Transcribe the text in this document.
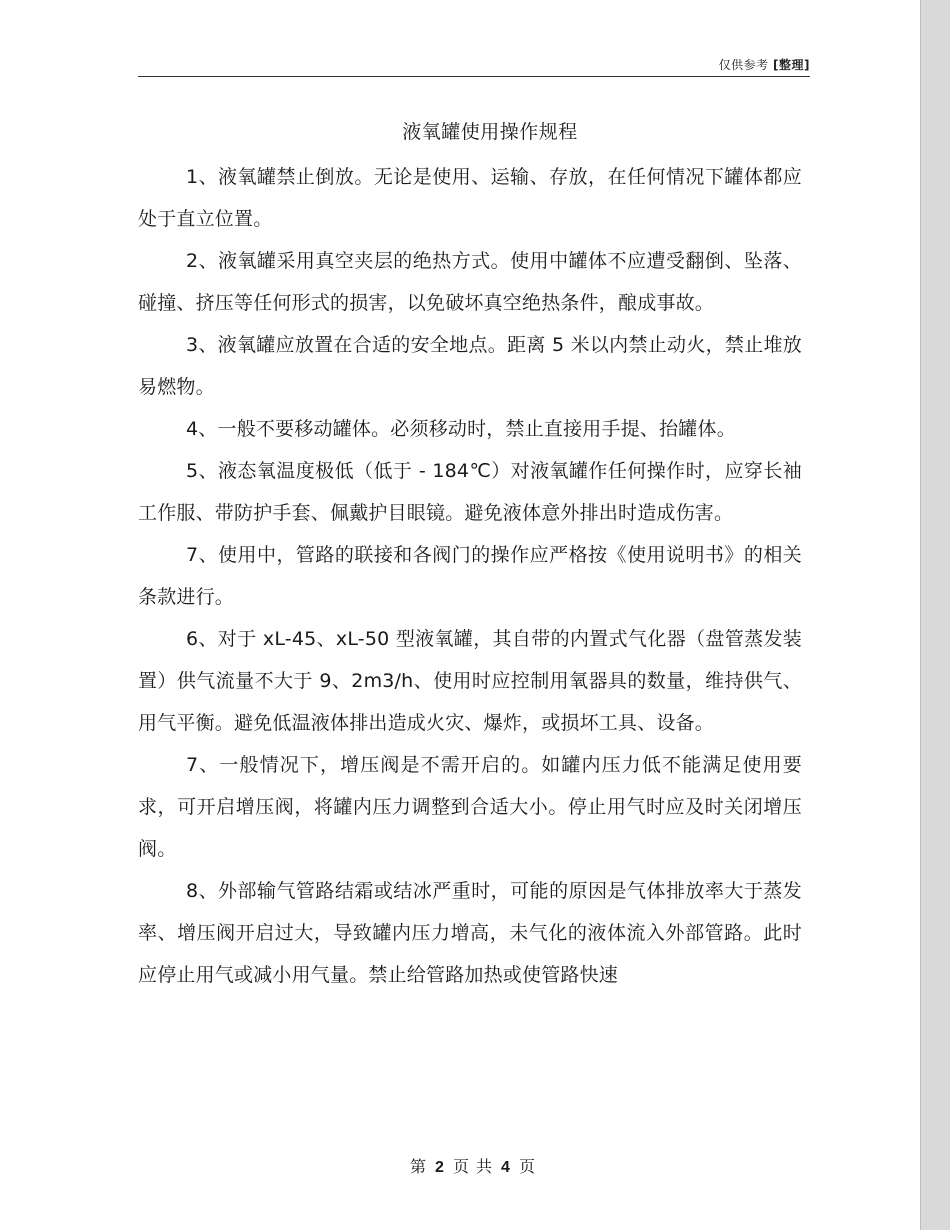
仅供参考 [整理]
液氧罐使用操作规程

1、液氧罐禁止倒放。无论是使用、运输、存放，在任何情况下罐体都应处于直立位置。

2、液氧罐采用真空夹层的绝热方式。使用中罐体不应遭受翻倒、坠落、碰撞、挤压等任何形式的损害，以免破坏真空绝热条件，酿成事故。

3、液氧罐应放置在合适的安全地点。距离 5 米以内禁止动火，禁止堆放易燃物。

4、一般不要移动罐体。必须移动时，禁止直接用手提、抬罐体。

5、液态氧温度极低（低于 - 184℃）对液氧罐作任何操作时，应穿长袖工作服、带防护手套、佩戴护目眼镜。避免液体意外排出时造成伤害。

7、使用中，管路的联接和各阀门的操作应严格按《使用说明书》的相关条款进行。

6、对于 xL-45、xL-50 型液氧罐，其自带的内置式气化器（盘管蒸发装置）供气流量不大于 9、2m3/h、使用时应控制用氧器具的数量，维持供气、用气平衡。避免低温液体排出造成火灾、爆炸，或损坏工具、设备。

7、一般情况下，增压阀是不需开启的。如罐内压力低不能满足使用要求，可开启增压阀，将罐内压力调整到合适大小。停止用气时应及时关闭增压阀。

8、外部输气管路结霜或结冰严重时，可能的原因是气体排放率大于蒸发率、增压阀开启过大，导致罐内压力增高，未气化的液体流入外部管路。此时应停止用气或减小用气量。禁止给管路加热或使管路快速

第 2 页 共 4 页
